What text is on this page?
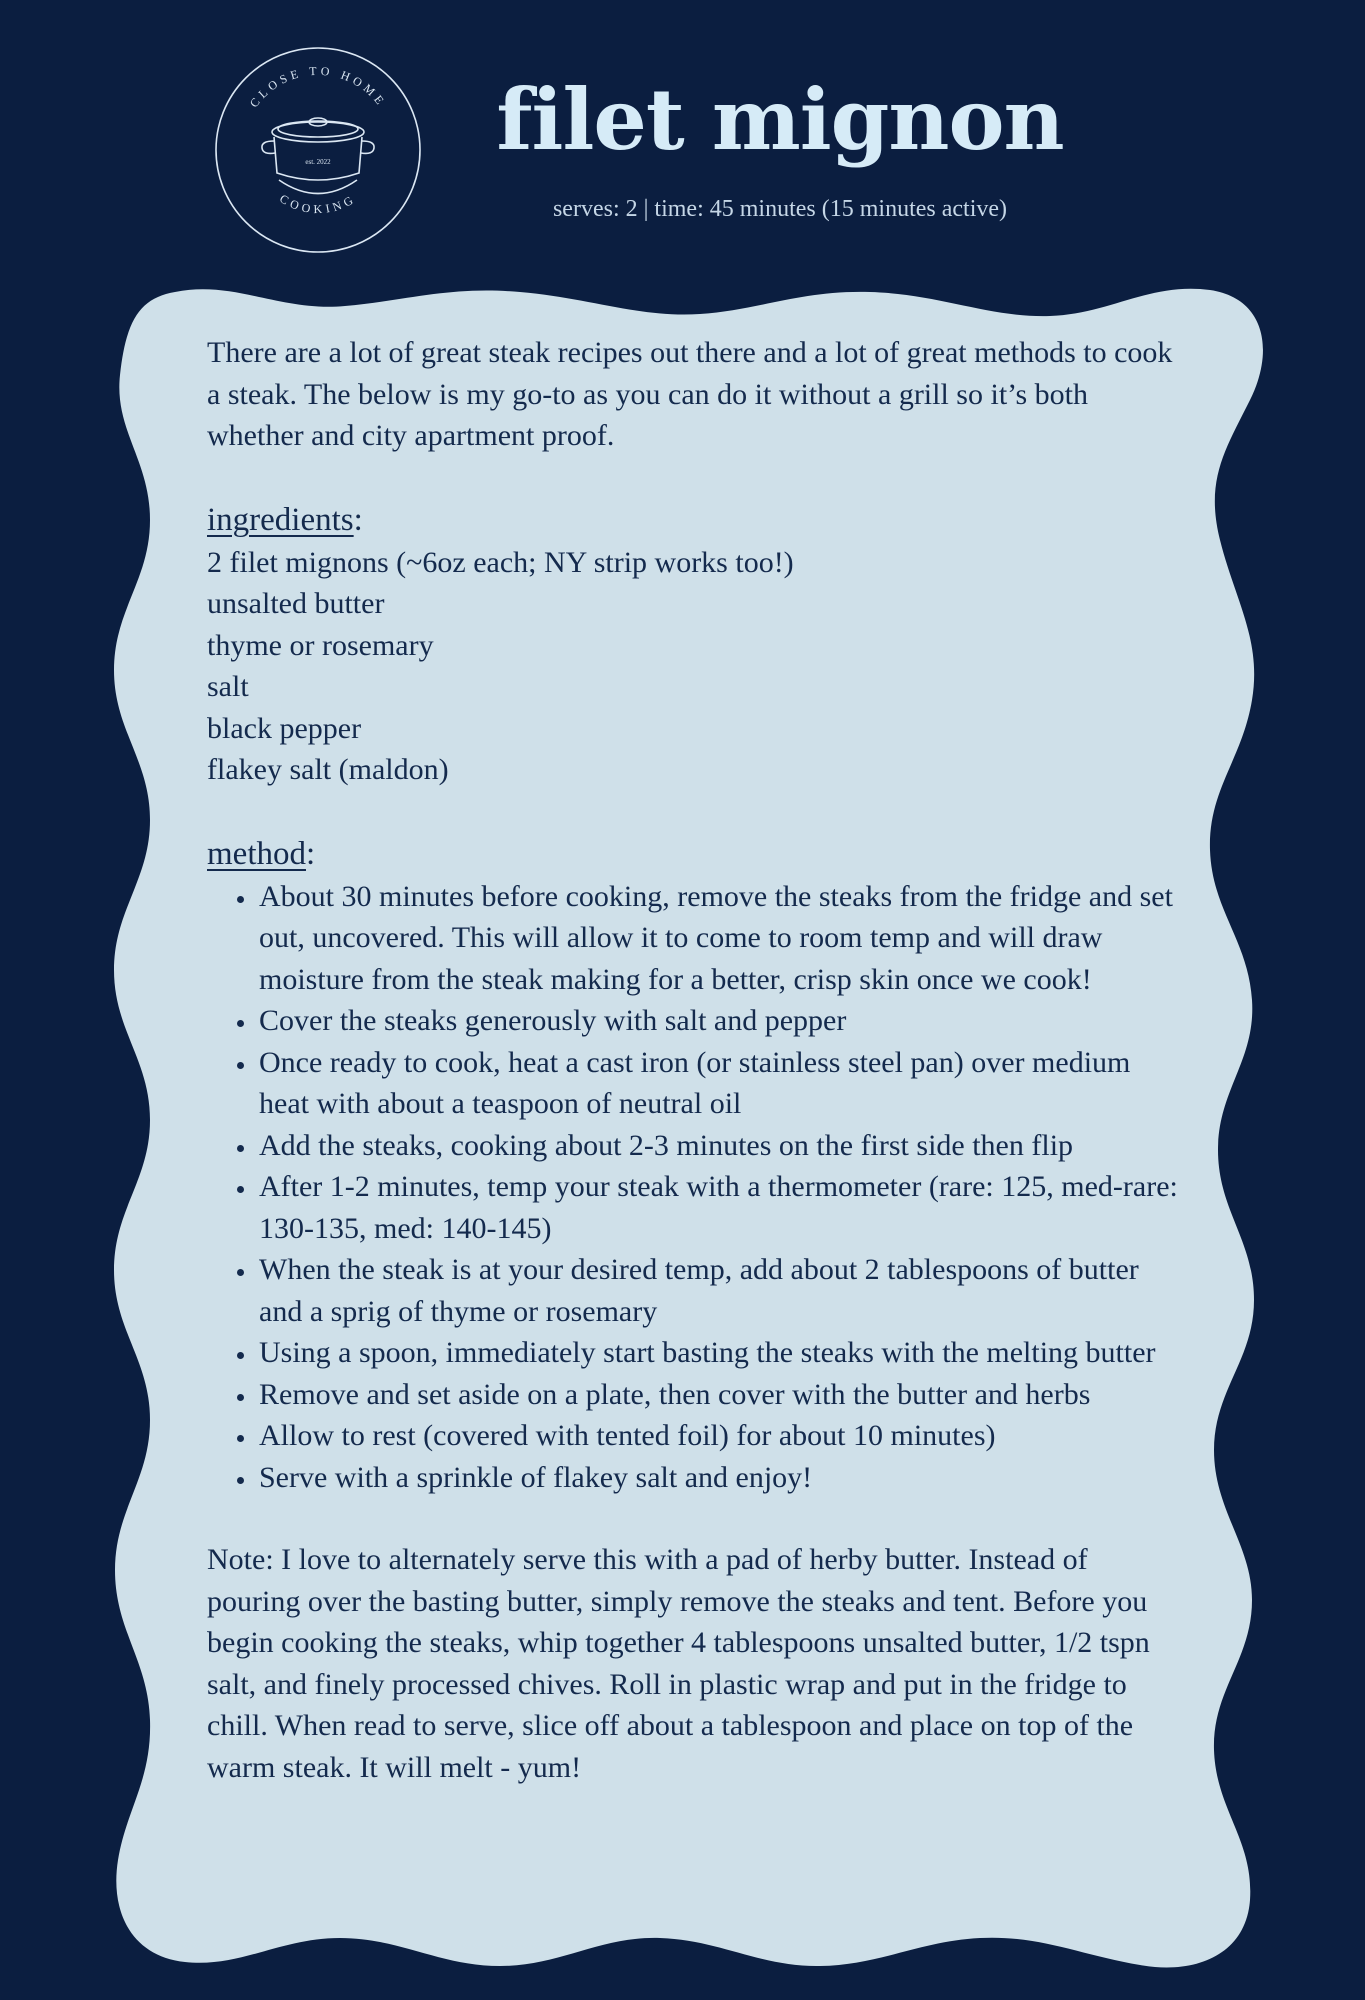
CLOSE TO HOME
COOKING
est. 2022	filet mignon
serves: 2 | time: 45 minutes (15 minutes active)

There are a lot of great steak recipes out there and a lot of great methods to cook a steak. The below is my go-to as you can do it without a grill so it’s both whether and city apartment proof.

ingredients:
2 filet mignons (~6oz each; NY strip works too!)
unsalted butter
thyme or rosemary
salt
black pepper
flakey salt (maldon)
method:
• About 30 minutes before cooking, remove the steaks from the fridge and set out, uncovered. This will allow it to come to room temp and will draw moisture from the steak making for a better, crisp skin once we cook!
• Cover the steaks generously with salt and pepper
• Once ready to cook, heat a cast iron (or stainless steel pan) over medium heat with about a teaspoon of neutral oil
• Add the steaks, cooking about 2-3 minutes on the first side then flip
• After 1-2 minutes, temp your steak with a thermometer (rare: 125, med-rare: 130-135, med: 140-145)
• When the steak is at your desired temp, add about 2 tablespoons of butter and a sprig of thyme or rosemary
• Using a spoon, immediately start basting the steaks with the melting butter
• Remove and set aside on a plate, then cover with the butter and herbs
• Allow to rest (covered with tented foil) for about 10 minutes)
• Serve with a sprinkle of flakey salt and enjoy!

Note: I love to alternately serve this with a pad of herby butter. Instead of pouring over the basting butter, simply remove the steaks and tent. Before you begin cooking the steaks, whip together 4 tablespoons unsalted butter, 1/2 tspn salt, and finely processed chives. Roll in plastic wrap and put in the fridge to chill. When read to serve, slice off about a tablespoon and place on top of the warm steak. It will melt - yum!
